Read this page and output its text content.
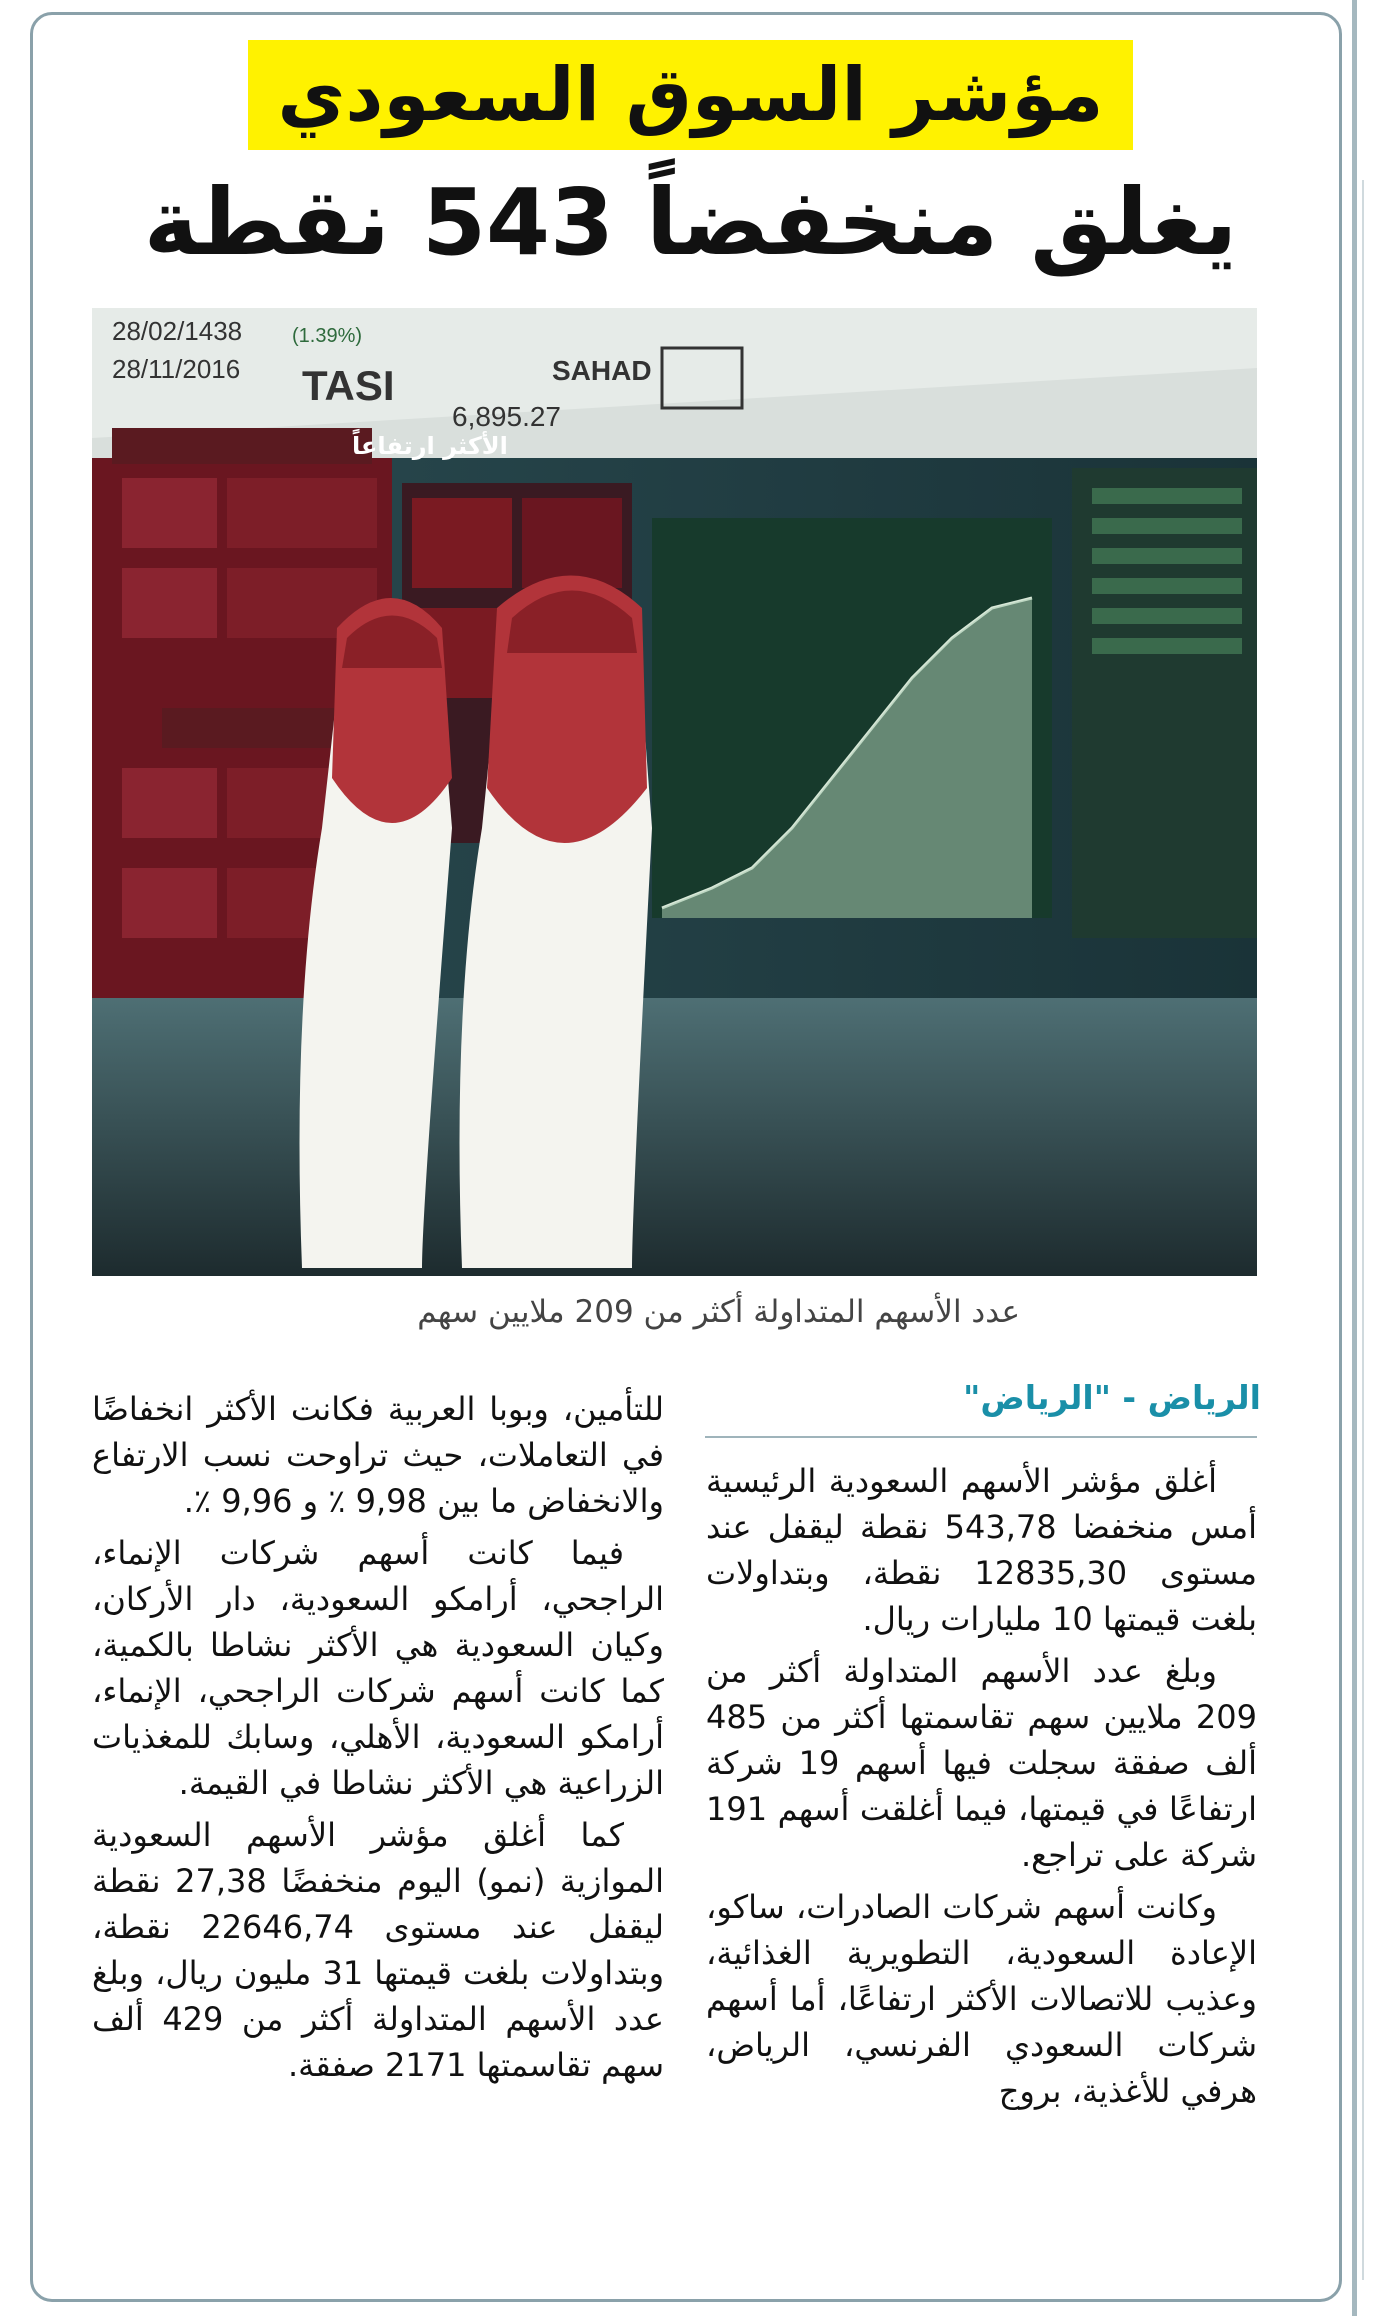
مؤشر السوق السعودي
يغلق منخفضاً 543 نقطة
28/02/1438
28/11/2016 TASI
6,895.27
(1.39%)
SAHAD
الأكثر ارتفاعاً
عدد الأسهم المتداولة أكثر من 209 ملايين سهم
الرياض - "الرياض"

أغلق مؤشر الأسهم السعودية الرئيسية أمس منخفضا 543,78 نقطة ليقفل عند مستوى 12835,30 نقطة، وبتداولات بلغت قيمتها 10 مليارات ريال.

وبلغ عدد الأسهم المتداولة أكثر من 209 ملايين سهم تقاسمتها أكثر من 485 ألف صفقة سجلت فيها أسهم 19 شركة ارتفاعًا في قيمتها، فيما أغلقت أسهم 191 شركة على تراجع.

وكانت أسهم شركات الصادرات، ساكو، الإعادة السعودية، التطويرية الغذائية، وعذيب للاتصالات الأكثر ارتفاعًا، أما أسهم شركات السعودي الفرنسي، الرياض، هرفي للأغذية، بروج

للتأمين، وبوبا العربية فكانت الأكثر انخفاضًا في التعاملات، حيث تراوحت نسب الارتفاع والانخفاض ما بين 9,98 ٪ و 9,96 ٪.

فيما كانت أسهم شركات الإنماء، الراجحي، أرامكو السعودية، دار الأركان، وكيان السعودية هي الأكثر نشاطا بالكمية، كما كانت أسهم شركات الراجحي، الإنماء، أرامكو السعودية، الأهلي، وسابك للمغذيات الزراعية هي الأكثر نشاطا في القيمة.

كما أغلق مؤشر الأسهم السعودية الموازية (نمو) اليوم منخفضًا 27,38 نقطة ليقفل عند مستوى 22646,74 نقطة، وبتداولات بلغت قيمتها 31 مليون ريال، وبلغ عدد الأسهم المتداولة أكثر من 429 ألف سهم تقاسمتها 2171 صفقة.
